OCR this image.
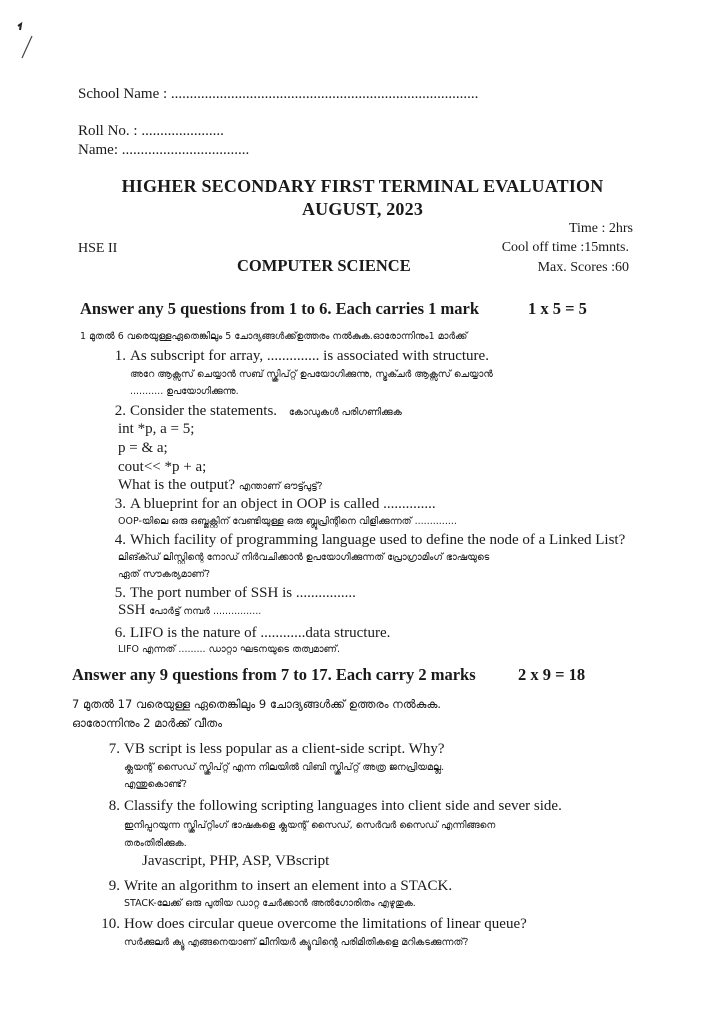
School Name : ..................................................................................
Roll No. : ......................
Name: ..................................
HIGHER SECONDARY FIRST TERMINAL EVALUATION
AUGUST, 2023
Time : 2hrs
HSE II	Cool off time :15mnts.
COMPUTER SCIENCE	Max. Scores :60
Answer any 5 questions from 1 to 6. Each carries 1 mark	1 x 5 = 5
1 മുതൽ 6 വരെയുള്ളഏതെങ്കിലും 5 ചോദ്യങ്ങൾക്ക്ഉത്തരം നൽകുക.ഓരോന്നിനും1 മാർക്ക്
1. As subscript for array, .............. is associated with structure.
അറേ ആക്സസ് ചെയ്യാൻ സബ് സ്ക്രിപ്റ്റ് ഉപയോഗിക്കുന്നു, സ്ട്രക്ചർ ആക്സസ് ചെയ്യാൻ
........... ഉപയോഗിക്കുന്നു.
2. Consider the statements. കോഡുകൾ പരിഗണിക്കുക
int *p, a = 5;
p = & a;
cout<< *p + a;
What is the output? എന്താണ് ഔട്ട്പുട്ട്?
3. A blueprint for an object in OOP is called ..............
OOP-യിലെ ഒരു ഒബ്ജക്റ്റിന് വേണ്ടിയുള്ള ഒരു ബ്ലൂപ്രിന്റിനെ വിളിക്കുന്നത് ..............
4. Which facility of programming language used to define the node of a Linked List?
ലിങ്ക്ഡ് ലിസ്റ്റിന്റെ നോഡ് നിർവചിക്കാൻ ഉപയോഗിക്കുന്നത് പ്രോഗ്രാമിംഗ് ഭാഷയുടെ
ഏത് സൗകര്യമാണ്?
5. The port number of SSH is ................
SSH പോർട്ട് നമ്പർ ................
6. LIFO is the nature of ............data structure.
LIFO എന്നത് ......... ഡാറ്റാ ഘടനയുടെ തത്വമാണ്.
Answer any 9 questions from 7 to 17. Each carry 2 marks	2 x 9 = 18
7 മുതൽ 17 വരെയുള്ള ഏതെങ്കിലും 9 ചോദ്യങ്ങൾക്ക് ഉത്തരം നൽകുക.
ഓരോന്നിനും 2 മാർക്ക് വീതം
7. VB script is less popular as a client-side script. Why?
ക്ലയന്റ് സൈഡ് സ്ക്രിപ്റ്റ് എന്ന നിലയിൽ വിബി സ്ക്രിപ്റ്റ് അത്ര ജനപ്രിയമല്ല.
എന്തുകൊണ്ട്?
8. Classify the following scripting languages into client side and sever side.
ഇനിപ്പറയുന്ന സ്ക്രിപ്റ്റിംഗ് ഭാഷകളെ ക്ലയന്റ് സൈഡ്, സെർവർ സൈഡ് എന്നിങ്ങനെ
തരംതിരിക്കുക.
Javascript, PHP, ASP, VBscript
9. Write an algorithm to insert an element into a STACK.
STACK-ലേക്ക് ഒരു പുതിയ ഡാറ്റ ചേർക്കാൻ അൽഗോരിതം എഴുതുക.
10. How does circular queue overcome the limitations of linear queue?
സർക്കുലർ ക്യൂ എങ്ങനെയാണ് ലീനിയർ ക്യൂവിന്റെ പരിമിതികളെ മറികടക്കുന്നത്?
